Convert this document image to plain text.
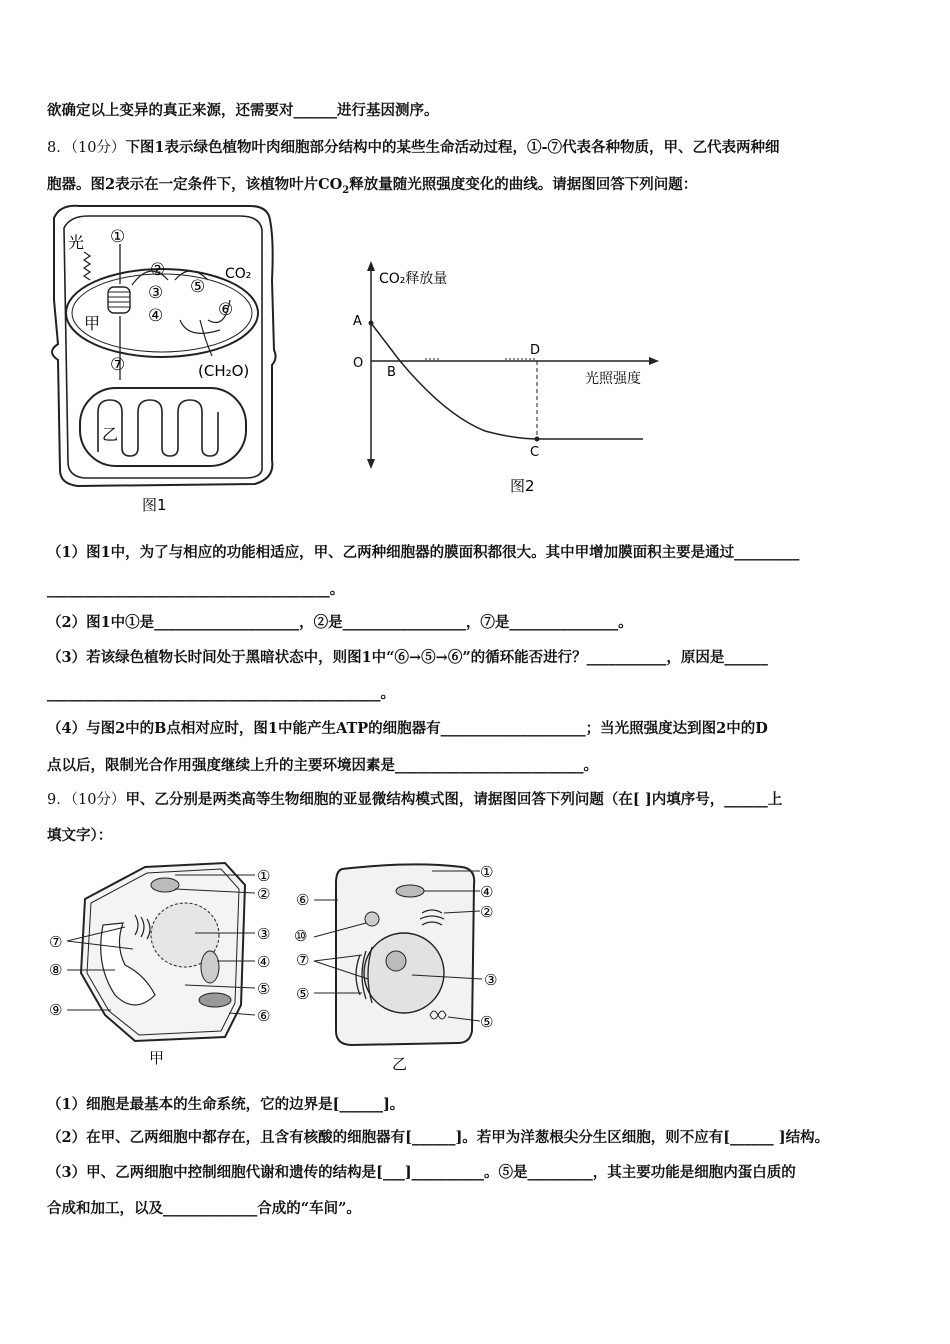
欲确定以上变异的真正来源，还需要对______进行基因测序。
8．（10分）下图1表示绿色植物叶肉细胞部分结构中的某些生命活动过程，①-⑦代表各种物质，甲、乙代表两种细
胞器。图2表示在一定条件下，该植物叶片$CO_2$释放量随光照强度变化的曲线。请据图回答下列问题：
光 ①
②
③
④
⑤
⑥
CO₂
(CH₂O)
甲
⑦
乙
图1
CO₂释放量
光照强度
A
O
B
D
C
图2
（1）图1中，为了与相应的功能相适应，甲、乙两种细胞器的膜面积都很大。其中甲增加膜面积主要是通过_________
_______________________________________。
（2）图1中①是____________________，②是_________________，⑦是_______________。
（3）若该绿色植物长时间处于黑暗状态中，则图1中“⑥→⑤→⑥”的循环能否进行？___________，原因是______
______________________________________________。
（4）与图2中的B点相对应时，图1中能产生ATP的细胞器有____________________；当光照强度达到图2中的D
点以后，限制光合作用强度继续上升的主要环境因素是__________________________。
9．（10分）甲、乙分别是两类高等生物细胞的亚显微结构模式图，请据图回答下列问题（在[ ]内填序号，______上
填文字）：
①
②
③
④
⑤
⑥
⑦
⑧
⑨
甲
①
④
②
③
⑤
⑥
⑩
⑦
⑤
乙
（1）细胞是最基本的生命系统，它的边界是[______]。
（2）在甲、乙两细胞中都存在，且含有核酸的细胞器有[______]。若甲为洋葱根尖分生区细胞，则不应有[______ ]结构。
（3）甲、乙两细胞中控制细胞代谢和遗传的结构是[___]__________。⑤是_________，其主要功能是细胞内蛋白质的
合成和加工，以及_____________合成的“车间”。
